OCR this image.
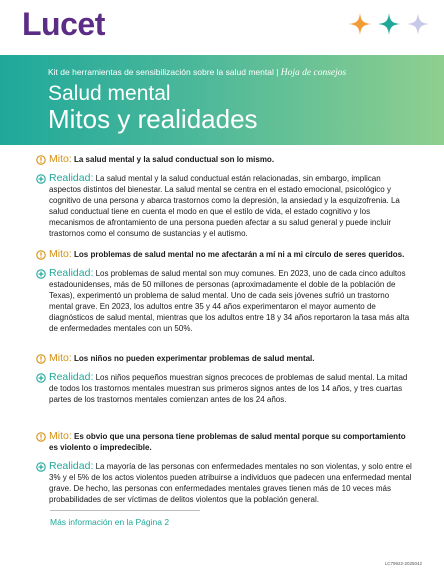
Lucet
Kit de herramientas de sensibilización sobre la salud mental | Hoja de consejos
Salud mental
Mitos y realidades
Mito: La salud mental y la salud conductual son lo mismo.
Realidad: La salud mental y la salud conductual están relacionadas, sin embargo, implican aspectos distintos del bienestar. La salud mental se centra en el estado emocional, psicológico y cognitivo de una persona y abarca trastornos como la depresión, la ansiedad y la esquizofrenia. La salud conductual tiene en cuenta el modo en que el estilo de vida, el estado cognitivo y los mecanismos de afrontamiento de una persona pueden afectar a su salud general y puede incluir trastornos como el consumo de sustancias y el autismo.
Mito: Los problemas de salud mental no me afectarán a mí ni a mi círculo de seres queridos.
Realidad: Los problemas de salud mental son muy comunes. En 2023, uno de cada cinco adultos estadounidenses, más de 50 millones de personas (aproximadamente el doble de la población de Texas), experimentó un problema de salud mental. Uno de cada seis jóvenes sufrió un trastorno mental grave. En 2023, los adultos entre 35 y 44 años experimentaron el mayor aumento de diagnósticos de salud mental, mientras que los adultos entre 18 y 34 años reportaron la tasa más alta de enfermedades mentales con un 50%.
Mito: Los niños no pueden experimentar problemas de salud mental.
Realidad: Los niños pequeños muestran signos precoces de problemas de salud mental. La mitad de todos los trastornos mentales muestran sus primeros signos antes de los 14 años, y tres cuartas partes de los trastornos mentales comienzan antes de los 24 años.
Mito: Es obvio que una persona tiene problemas de salud mental porque su comportamiento es violento o impredecible.
Realidad: La mayoría de las personas con enfermedades mentales no son violentas, y solo entre el 3% y el 5% de los actos violentos pueden atribuirse a individuos que padecen una enfermedad mental grave. De hecho, las personas con enfermedades mentales graves tienen más de 10 veces más probabilidades de ser víctimas de delitos violentos que la población general.
Más información en la Página 2
LC79922-2025042
